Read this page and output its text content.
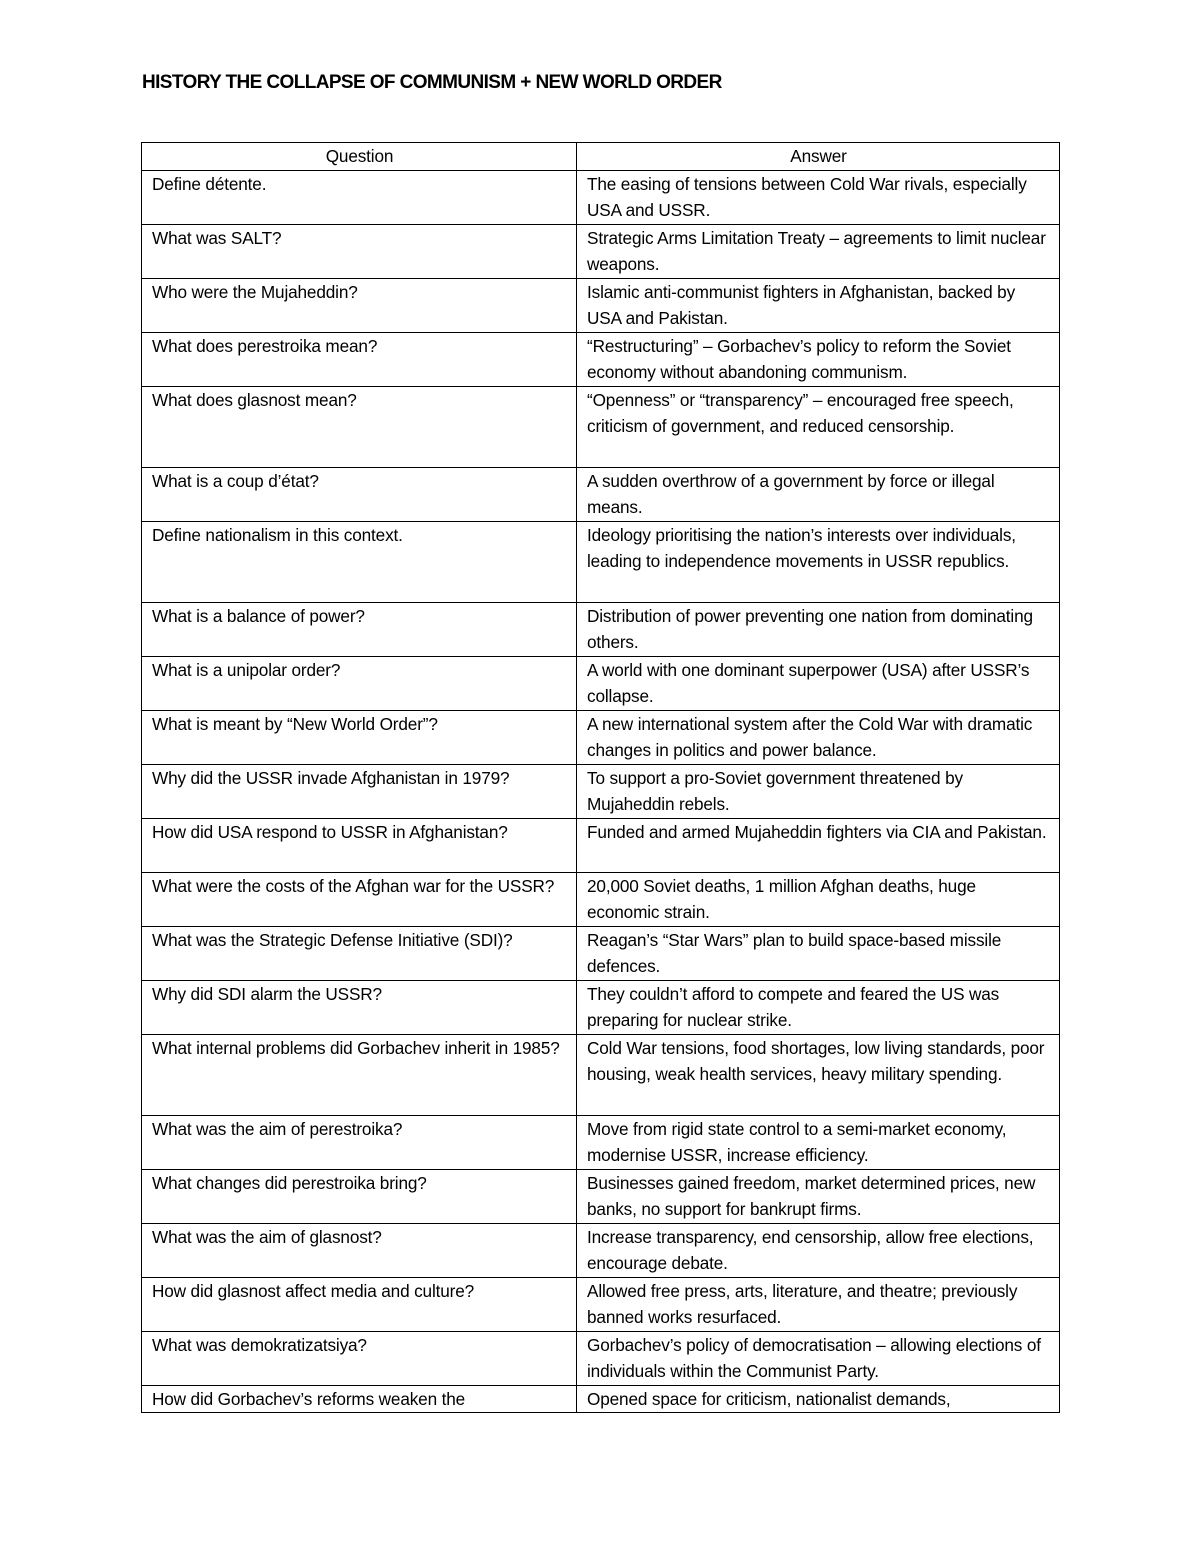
HISTORY THE COLLAPSE OF COMMUNISM + NEW WORLD ORDER
Question	Answer
Define détente.	The easing of tensions between Cold War rivals, especially USA and USSR.
What was SALT?	Strategic Arms Limitation Treaty – agreements to limit nuclear weapons.
Who were the Mujaheddin?	Islamic anti-communist fighters in Afghanistan, backed by USA and Pakistan.
What does perestroika mean?	“Restructuring” – Gorbachev’s policy to reform the Soviet economy without abandoning communism.
What does glasnost mean?	“Openness” or “transparency” – encouraged free speech, criticism of government, and reduced censorship.
What is a coup d’état?	A sudden overthrow of a government by force or illegal means.
Define nationalism in this context.	Ideology prioritising the nation’s interests over individuals, leading to independence movements in USSR republics.
What is a balance of power?	Distribution of power preventing one nation from dominating others.
What is a unipolar order?	A world with one dominant superpower (USA) after USSR’s collapse.
What is meant by “New World Order”?	A new international system after the Cold War with dramatic changes in politics and power balance.
Why did the USSR invade Afghanistan in 1979?	To support a pro-Soviet government threatened by Mujaheddin rebels.
How did USA respond to USSR in Afghanistan?	Funded and armed Mujaheddin fighters via CIA and Pakistan.
What were the costs of the Afghan war for the USSR?	20,000 Soviet deaths, 1 million Afghan deaths, huge economic strain.
What was the Strategic Defense Initiative (SDI)?	Reagan’s “Star Wars” plan to build space-based missile defences.
Why did SDI alarm the USSR?	They couldn’t afford to compete and feared the US was preparing for nuclear strike.
What internal problems did Gorbachev inherit in 1985?	Cold War tensions, food shortages, low living standards, poor housing, weak health services, heavy military spending.
What was the aim of perestroika?	Move from rigid state control to a semi-market economy, modernise USSR, increase efficiency.
What changes did perestroika bring?	Businesses gained freedom, market determined prices, new banks, no support for bankrupt firms.
What was the aim of glasnost?	Increase transparency, end censorship, allow free elections, encourage debate.
How did glasnost affect media and culture?	Allowed free press, arts, literature, and theatre; previously banned works resurfaced.
What was demokratizatsiya?	Gorbachev’s policy of democratisation – allowing elections of individuals within the Communist Party.
How did Gorbachev’s reforms weaken the	Opened space for criticism, nationalist demands,
